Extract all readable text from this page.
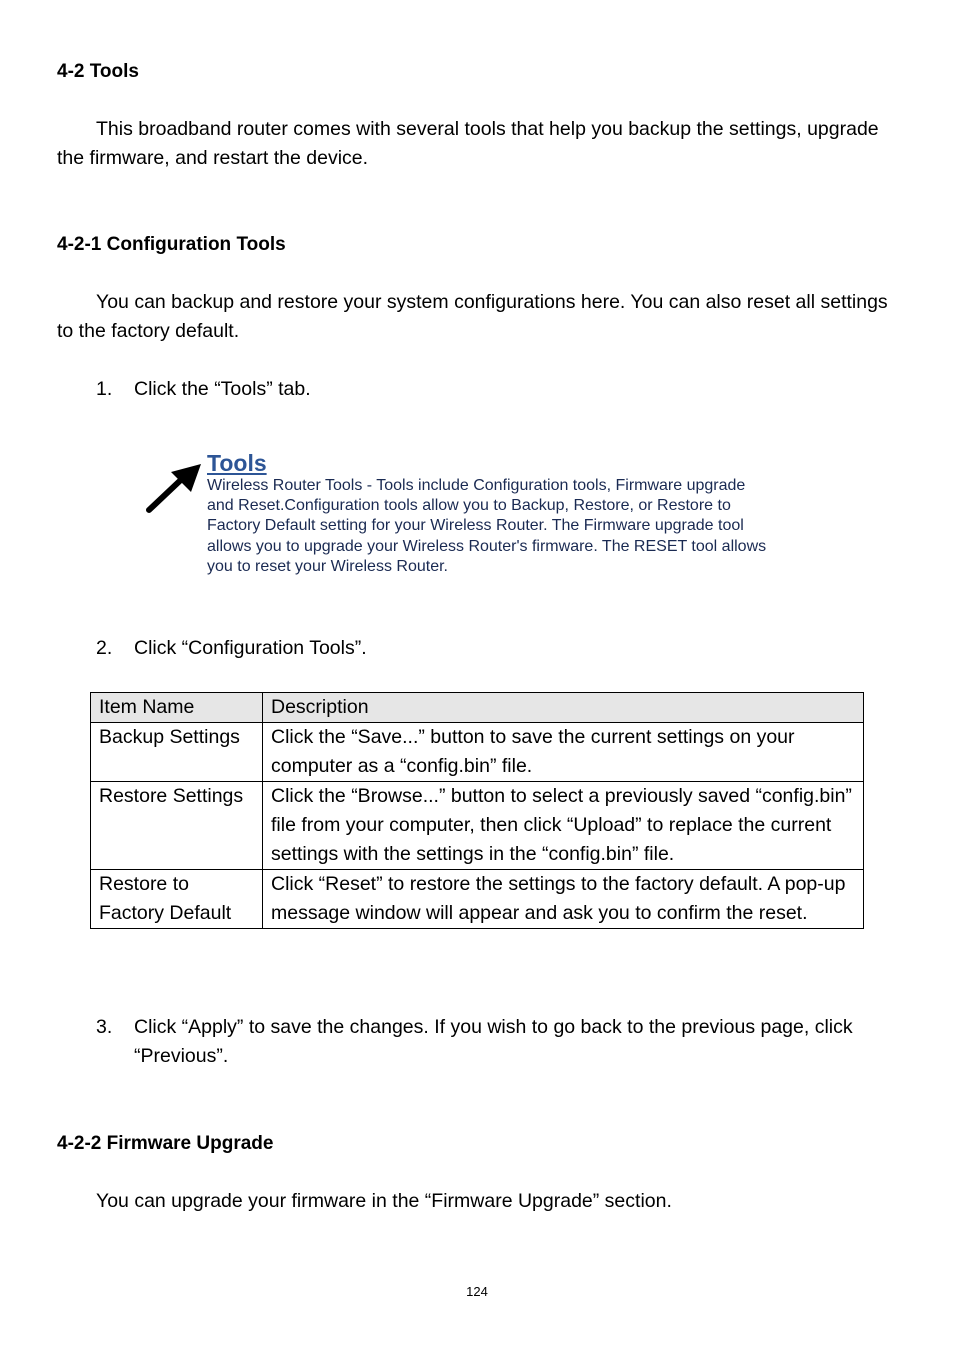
4-2 Tools
This broadband router comes with several tools that help you backup the settings, upgrade the firmware, and restart the device.
4-2-1 Configuration Tools
You can backup and restore your system configurations here. You can also reset all settings to the factory default.
1.	Click the “Tools” tab.
Tools
Wireless Router Tools - Tools include Configuration tools, Firmware upgrade and Reset.Configuration tools allow you to Backup, Restore, or Restore to Factory Default setting for your Wireless Router. The Firmware upgrade tool allows you to upgrade your Wireless Router's firmware. The RESET tool allows you to reset your Wireless Router.
2.	Click “Configuration Tools”.
Item Name	Description
Backup Settings	Click the “Save...” button to save the current settings on your computer as a “config.bin” file.
Restore Settings	Click the “Browse...” button to select a previously saved “config.bin” file from your computer, then click “Upload” to replace the current settings with the settings in the “config.bin” file.
Restore to Factory Default	Click “Reset” to restore the settings to the factory default. A pop-up message window will appear and ask you to confirm the reset.
3.	Click “Apply” to save the changes. If you wish to go back to the previous page, click “Previous”.
4-2-2 Firmware Upgrade
You can upgrade your firmware in the “Firmware Upgrade” section.
124
